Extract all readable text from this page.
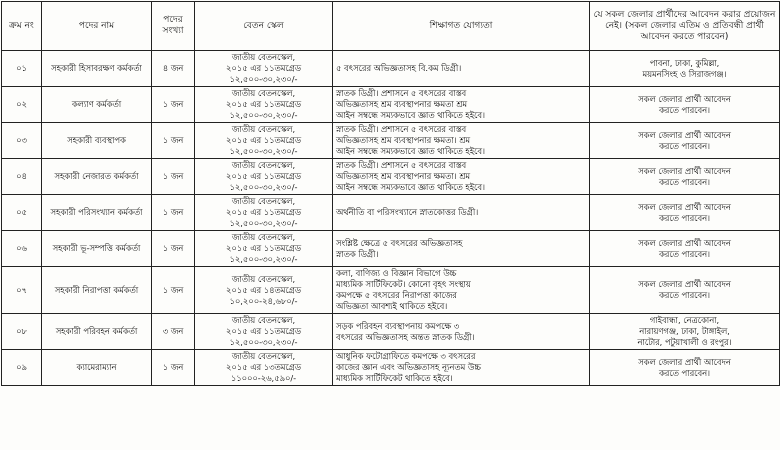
ক্রম নং	পদের নাম	পদের সংখ্যা	বেতন স্কেল	শিক্ষাগত যোগ্যতা	যে সকল জেলার প্রার্থীদের আবেদন করার প্রয়োজন নেই। (সকল জেলার এতিম ও প্রতিবন্ধী প্রার্থী আবেদন করতে পারবেন)
০১	সহকারী হিসাবরক্ষণ কর্মকর্তা	৪ জন	জাতীয় বেতনস্কেল,
২০১৫ এর ১১তমগ্রেড
১২,৫০০-৩০,২৩০/-	৫ বৎসরের অভিজ্ঞতাসহ বি.কম ডিগ্রী।	পাবনা, ঢাকা, কুমিল্লা,
ময়মনসিংহ ও সিরাজগঞ্জ।

০২	কল্যাণ কর্মকর্তা	১ জন	জাতীয় বেতনস্কেল,
২০১৫ এর ১১তমগ্রেড
১২,৫০০-৩০,২৩০/-	স্নাতক ডিগ্রী। প্রশাসনে ৫ বৎসরের বাস্তব
অভিজ্ঞতাসহ শ্রম ব্যবস্থাপনার ক্ষমতা শ্রম
আইন সম্বন্ধে সম্যকভাবে জ্ঞাত থাকিতে হইবে।	সকল জেলার প্রার্থী আবেদন
করতে পারবেন।

০৩	সহকারী ব্যবস্থাপক	১ জন	জাতীয় বেতনস্কেল,
২০১৫ এর ১১তমগ্রেড
১২,৫০০-৩০,২৩০/-	স্নাতক ডিগ্রী। প্রশাসনে ৫ বৎসরের বাস্তব
অভিজ্ঞতাসহ শ্রম ব্যবস্থাপনার ক্ষমতা। শ্রম
আইন সম্বন্ধে সম্যকভাবে জ্ঞাত থাকিতে হইবে।	সকল জেলার প্রার্থী আবেদন
করতে পারবেন।

০৪	সহকারী নেজারত কর্মকর্তা	১ জন	জাতীয় বেতনস্কেল,
২০১৫ এর ১১তমগ্রেড
১২,৫০০-৩০,২৩০/-	স্নাতক ডিগ্রী। প্রশাসনে ৫ বৎসরের বাস্তব
অভিজ্ঞতাসহ শ্রম ব্যবস্থাপনার ক্ষমতা। শ্রম
আইন সম্বন্ধে সম্যকভাবে জ্ঞাত থাকিতে হইবে।	সকল জেলার প্রার্থী আবেদন
করতে পারবেন।

০৫	সহকারী পরিসংখ্যান কর্মকর্তা	১ জন	জাতীয় বেতনস্কেল,
২০১৫ এর ১১তমগ্রেড
১২,৫০০-৩০,২৩০/-	অর্থনীতি বা পরিসংখ্যানে স্নাতকোত্তর ডিগ্রী।	সকল জেলার প্রার্থী আবেদন
করতে পারবেন।

০৬	সহকারী ভূ-সম্পত্তি কর্মকর্তা	১ জন	জাতীয় বেতনস্কেল,
২০১৫ এর ১১তমগ্রেড
১২,৫০০-৩০,২৩০/-	সংশ্লিষ্ট ক্ষেত্রে ৫ বৎসরের অভিজ্ঞতাসহ
স্নাতক ডিগ্রী।	সকল জেলার প্রার্থী আবেদন
করতে পারবেন।

০৭	সহকারী নিরাপত্তা কর্মকর্তা	১ জন	জাতীয় বেতনস্কেল,
২০১৫ এর ১৪তমগ্রেড
১০,২০০-২৪,৬৮০/-	কলা, বাণিজ্য ও বিজ্ঞান বিভাগে উচ্চ
মাধ্যমিক সার্টিফিকেট। কোনো বৃহৎ সংস্থায়
কমপক্ষে ৫ বৎসরের নিরাপত্তা কাজের
অভিজ্ঞতা আবশ্যই থাকিতে হইবে।	সকল জেলার প্রার্থী আবেদন
করতে পারবেন।

০৮	সহকারী পরিবহন কর্মকর্তা	৩ জন	জাতীয় বেতনস্কেল,
২০১৫ এর ১১তমগ্রেড
১২,৫০০-৩০,২৩০/-	সড়ক পরিবহন ব্যবস্থাপনায় কমপক্ষে ৩
বৎসরের অভিজ্ঞতাসহ অন্তত স্নাতক ডিগ্রী।	গাইবান্ধা, নেত্রকোনা,
নারায়ণগঞ্জ, ঢাকা, টাঙ্গাইল,
নাটোর, পটুয়াখালী ও রংপুর।

০৯	ক্যামেরাম্যান	১ জন	জাতীয় বেতনস্কেল,
২০১৫ এর ১৩তমগ্রেড
১১০০০-২৬,৫৯০/-	আধুনিক ফটোগ্রাফিতে কমপক্ষে ৩ বৎসরের
কাজের জ্ঞান এবং অভিজ্ঞতাসহ ন্যূনতম উচ্চ
মাধ্যমিক সার্টিফিকেট থাকিতে হইবে।	সকল জেলার প্রার্থী আবেদন
করতে পারবেন।
